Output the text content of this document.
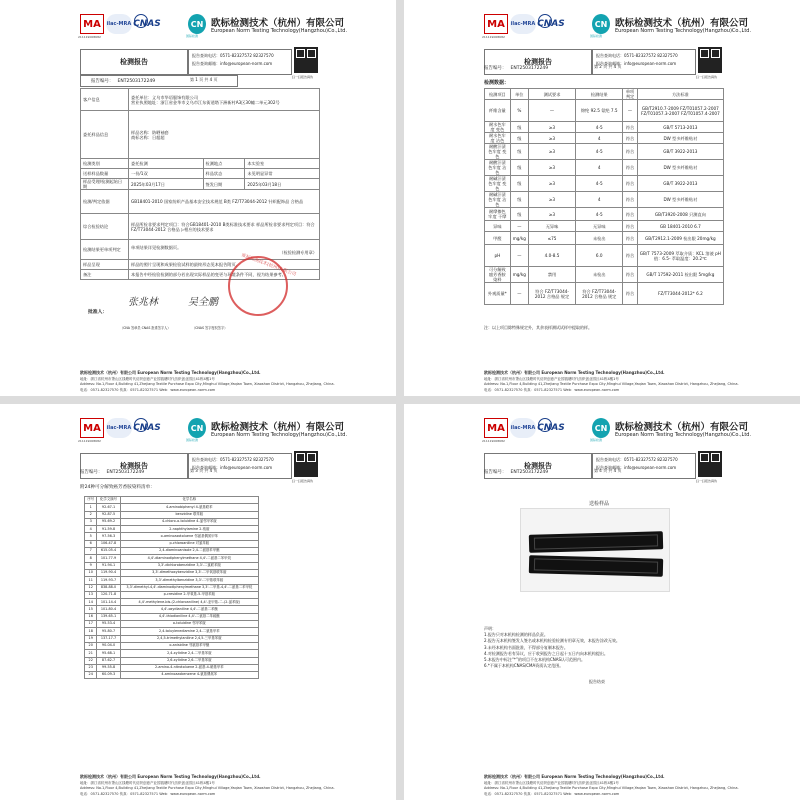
MA
211119008682
ilac-MRA CNAS	CN
国际检测
欧标检测技术（杭州）有限公司
European Norm Testing Technology(Hangzhou)Co.,Ltd.
检测报告
报告查询电话：0571-82327572 82327570
报告查询邮箱：info@european-norm.com
扫一扫报告真伪
报告编号： ENT2503172249	第 1 页 共 4 页
客户信息	委托单位：义乌市华语服饰有限公司
营业执照地址：浙江省金华市义乌市江东街道塔下洲新村A3区30幢二单元302号		

委托样品信息	样品名称：防晒袖套
商标名称：日超超		

检测类别	委托检测	检测地点	本实验室
送样样品数量	一份/1双	样品状态	未见明显异常
样品受理/检测起始日期	2025年03月17日	签发日期	2025年03月18日
检测/判定依据	GB18401-2010 国家纺织产品基本安全技术规范 B类 FZ/T73044-2012 针织配饰品 合格品		
综合检验结论	样品所检非要求判定项目：符合GB18401-2010 B类标准技术要求 样品所检非要求判定项目：符合FZ/T73044-2012 合格品 ▷相应的技术要求		
检测结果更单项判定	单项结果详见检测数据页。
（检验检测专用章）		

样品呈现	样品的照片呈现和成果检验试样的最终形态见本报告附页。		
备注	本报告中经检验检测的部分若出现实际样品的变更与环境条件不同，视为结果参考。		
欧标检测技术(杭州)有限公司
批准人：
张兆林	吴全鹏
（CNA 签章员 CNAS 批准签字人）	（CNAS 签字授权签字）
欧标检测技术（杭州）有限公司 European Norm Testing Technology(Hangzhou)Co.,Ltd.
地址：浙江省杭州市萧山区钱塘时代纺织创意产业园钱塘时代纺织创业园区41栋4楼1号
Address: No.1,Floor 4,Building 41,Zhejiang Textile Purchase Expo City,Minghui Village,Yaqian Town, Xiaoshan District, Hangzhou, Zhejiang, China.
电话：0571-82327570 传真：0571-82327571 Web：www.european-norm.com
MA
211119008682
ilac-MRA CNAS	CN
国际检测
欧标检测技术（杭州）有限公司
European Norm Testing Technology(Hangzhou)Co.,Ltd.
检测报告
报告查询电话：0571-82327572 82327570
报告查询邮箱：info@european-norm.com
扫一扫报告真伪
报告编号： ENT2503172249	第 2 页 共 4 页
检测数据：
检测项目	单位	测试要求	检测结果	单项判定	方法标准
纤维含量	%	—	锦纶 92.5 氨纶 7.5	—	GB/T2910.7-2009 FZ/T01057.2-2007 FZ/T01057.3-2007 FZ/T01057.4-2007
耐水色牢度 变色	级	≥3	4-5	符合	GB/T 5713-2013
耐水色牢度 沾色	级	≥3	4	符合	DW 型多纤维贴衬
耐酸汗渍色牢度 变色	级	≥3	4-5	符合	GB/T 3922-2013
耐酸汗渍色牢度 沾色	级	≥3	4	符合	DW 型多纤维贴衬
耐碱汗渍色牢度 变色	级	≥3	4-5	符合	GB/T 3922-2013
耐碱汗渍色牢度 沾色	级	≥3	4	符合	DW 型多纤维贴衬
耐摩擦色牢度 干摩	级	≥3	4-5	符合	GB/T3920-2008 只测直向
异味	—	无异味	无异味	符合	GB 18401-2010 6.7
甲醛	mg/kg	≤75	未检出	符合	GB/T2912.1-2009 检出限 20mg/kg
pH	—	4.0-8.5	6.0	符合	GB/T 7573-2009 萃取介质：KCL 溶液 pH 值：6.5- 萃取温度：20.2℃
可分解致癌芳香胺染料	mg/kg	禁用	未检出	符合	GB/T 17592-2011 检出限 5mg/kg
外观质量*	—	符合 FZ/T73044-2012 合格品 规定	符合 FZ/T73044-2012 合格品 规定	符合	FZ/T73044-2012* 6.2
注：以上项目除特殊规定外，其余表样测试试样中提取的样。
欧标检测技术（杭州）有限公司 European Norm Testing Technology(Hangzhou)Co.,Ltd.
地址：浙江省杭州市萧山区钱塘时代纺织创意产业园钱塘时代纺织创业园区41栋4楼1号
Address: No.1,Floor 4,Building 41,Zhejiang Textile Purchase Expo City,Minghui Village,Yaqian Town, Xiaoshan District, Hangzhou, Zhejiang, China.
电话：0571-82327570 传真：0571-82327571 Web：www.european-norm.com
MA
211119008682
ilac-MRA CNAS	CN
国际检测
欧标检测技术（杭州）有限公司
European Norm Testing Technology(Hangzhou)Co.,Ltd.
检测报告
报告查询电话：0571-82327572 82327570
报告查询邮箱：info@european-norm.com
扫一扫报告真伪
报告编号： ENT2503172249	第 3 页 共 4 页
附24种可分解致癌芳香胺染料清单：
序号	化学文摘号	化学名称
1	92-67-1	4-aminobiphenyl 4-氨基联苯
2	92-87-5	benzidine 联苯胺
3	95-69-2	4-chloro-o-toluidine 4-氯邻甲苯胺
4	91-59-8	2-naphthylamine 2-萘胺
5	97-56-3	o-aminoazotoluene 邻氨基偶氮甲苯
6	106-47-8	p-chloroaniline 对氯苯胺
7	615-05-4	2,4-diaminoanisole 2,4-二氨基苯甲醚
8	101-77-9	4,4'-diaminodiphenylmethane 4,4'-二氨基二苯甲烷
9	91-94-1	3,3'-dichlorobenzidine 3,3'-二氯联苯胺
10	119-90-4	3,3'-dimethoxybenzidine 3,3'-二甲氧基联苯胺
11	119-93-7	3,3'-dimethylbenzidine 3,3'-二甲基联苯胺
12	838-88-0	3,3'-dimethyl-4,4'-diaminodiphenylmethane 3,3'-二甲基-4,4'-二氨基二苯甲烷
13	120-71-8	p-cresidine 2-甲氧基-5-甲基苯胺
14	101-14-4	4,4'-methylene-bis-(2-chloroaniline) 4,4'-亚甲基-二-(2-氯苯胺)
15	101-80-4	4,4'-oxydianiline 4,4'-二氨基二苯醚
16	139-65-1	4,4'-thiodianiline 4,4'-二氨基二苯硫醚
17	95-53-4	o-toluidine 邻甲苯胺
18	95-80-7	2,4-toluylenediamine 2,4-二氨基甲苯
19	137-17-7	2,4,5-trimethylaniline 2,4,5-三甲基苯胺
20	90-04-0	o-anisidine 邻氨基苯甲醚
21	95-68-1	2,4-xylidine 2,4-二甲基苯胺
22	87-62-7	2,6-xylidine 2,6-二甲基苯胺
23	99-55-8	2-amino-4-nitrotoluene 2-氨基-4-硝基甲苯
24	60-09-3	4-aminoazobenzene 4-氨基偶氮苯
欧标检测技术（杭州）有限公司 European Norm Testing Technology(Hangzhou)Co.,Ltd.
地址：浙江省杭州市萧山区钱塘时代纺织创意产业园钱塘时代纺织创业园区41栋4楼1号
Address: No.1,Floor 4,Building 41,Zhejiang Textile Purchase Expo City,Minghui Village,Yaqian Town, Xiaoshan District, Hangzhou, Zhejiang, China.
电话：0571-82327570 传真：0571-82327571 Web：www.european-norm.com
MA
211119008682
ilac-MRA CNAS	CN
国际检测
欧标检测技术（杭州）有限公司
European Norm Testing Technology(Hangzhou)Co.,Ltd.
检测报告
报告查询电话：0571-82327572 82327570
报告查询邮箱：info@european-norm.com
扫一扫报告真伪
报告编号： ENT2503172249	第 4 页 共 4 页
送检样品
声明：
1.报告只对本机构检测的样品负责。
2.报告无本机构签发人签名或本机构检验检测专用章无效，本报告涂改无效。
3.未经本机构书面批准，不得部分复制本报告。
4.对检测报告若有异议，应于收到报告之日起十五日内向本机构提出。
5.本报告中标注“*”的项目不在本机构CNAS认可范围内。
6.*不属于本机构CNAS/CMA资质认定范围。
报告结束
欧标检测技术（杭州）有限公司 European Norm Testing Technology(Hangzhou)Co.,Ltd.
地址：浙江省杭州市萧山区钱塘时代纺织创意产业园钱塘时代纺织创业园区41栋4楼1号
Address: No.1,Floor 4,Building 41,Zhejiang Textile Purchase Expo City,Minghui Village,Yaqian Town, Xiaoshan District, Hangzhou, Zhejiang, China.
电话：0571-82327570 传真：0571-82327571 Web：www.european-norm.com
